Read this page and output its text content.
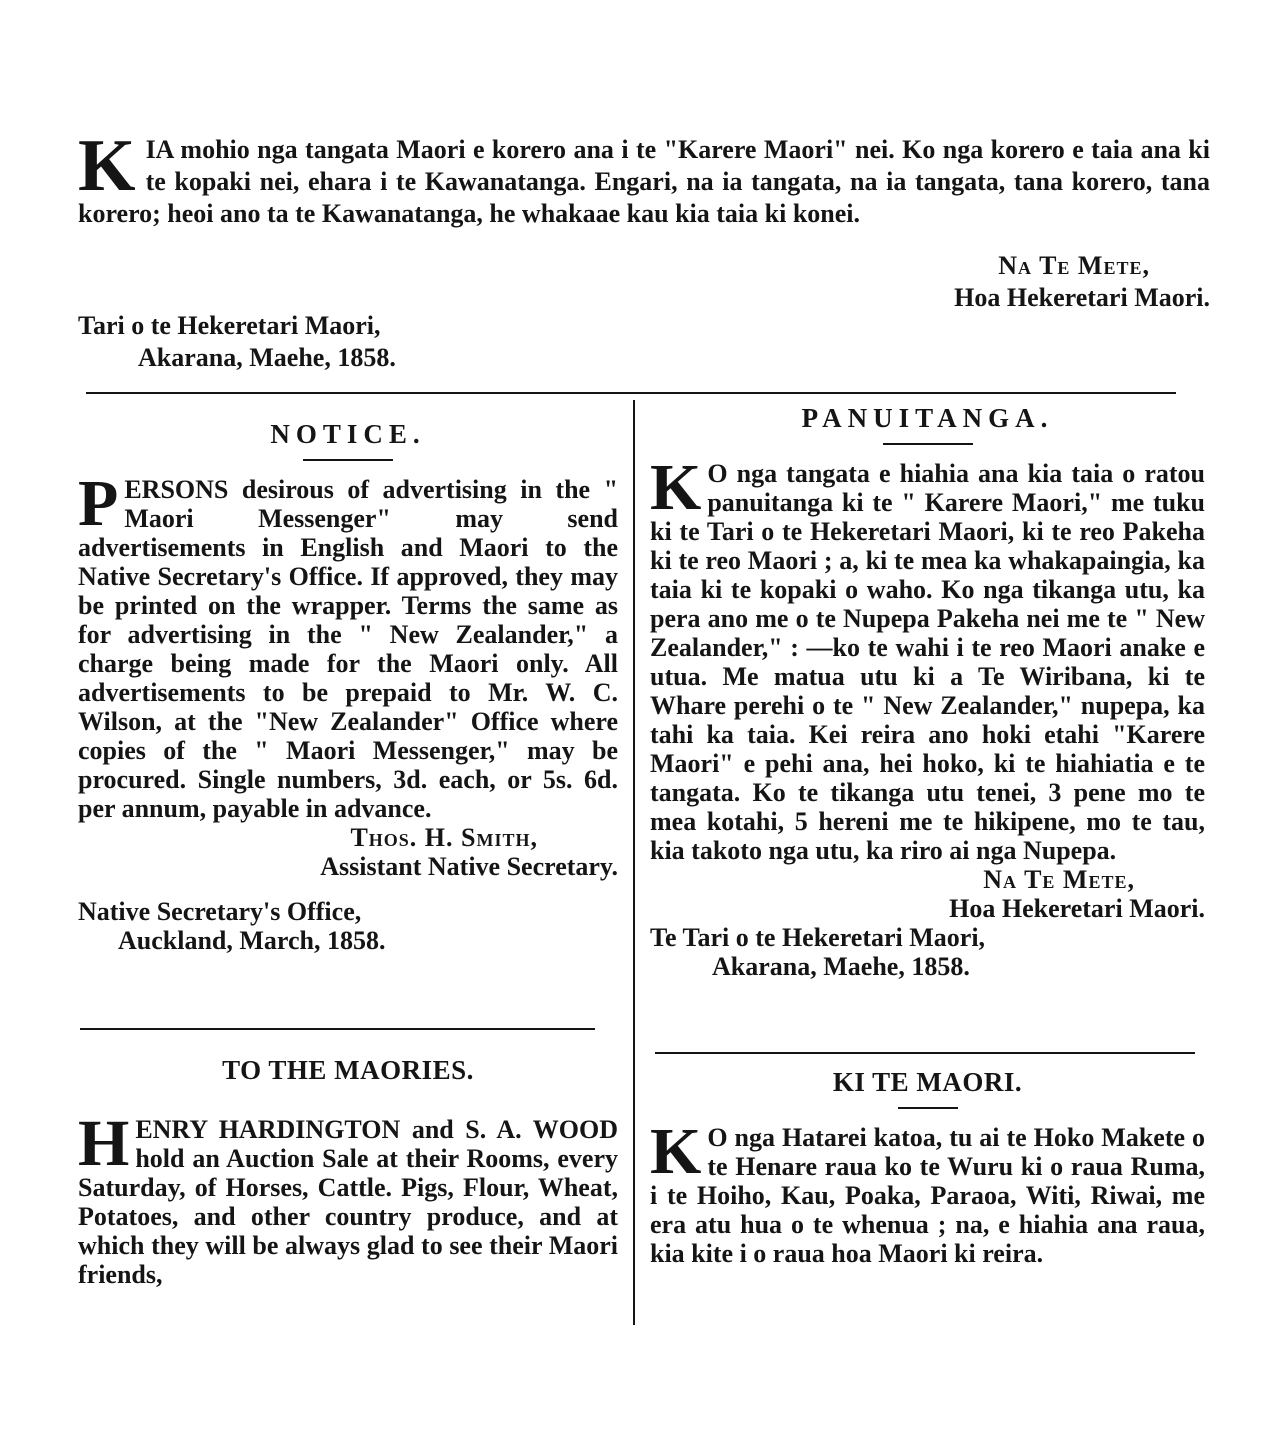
K IA mohio nga tangata Maori e korero ana i te "Karere Maori" nei. Ko nga korero e taia ana ki te kopaki nei, ehara i te Kawanatanga. Engari, na ia tangata, na ia tangata, tana korero, tana korero; heoi ano ta te Kawanatanga, he whakaae kau kia taia ki konei.
Na Te Mete,
Hoa Hekeretari Maori.
Tari o te Hekeretari Maori,
Akarana, Maehe, 1858.
NOTICE.

P ERSONS desirous of advertising in the " Maori Messenger" may send advertisements in English and Maori to the Native Secretary's Office. If approved, they may be printed on the wrapper. Terms the same as for advertising in the " New Zealander," a charge being made for the Maori only. All advertisements to be prepaid to Mr. W. C. Wilson, at the "New Zealander" Office where copies of the " Maori Messenger," may be procured. Single numbers, 3d. each, or 5s. 6d. per annum, payable in advance.

Thos. H. Smith,
Assistant Native Secretary.
Native Secretary's Office,
Auckland, March, 1858.
TO THE MAORIES.

H ENRY HARDINGTON and S. A. WOOD hold an Auction Sale at their Rooms, every Saturday, of Horses, Cattle. Pigs, Flour, Wheat, Potatoes, and other country produce, and at which they will be always glad to see their Maori friends,

PANUITANGA.

K O nga tangata e hiahia ana kia taia o ratou panuitanga ki te " Karere Maori," me tuku ki te Tari o te Hekeretari Maori, ki te reo Pakeha ki te reo Maori ; a, ki te mea ka whakapaingia, ka taia ki te kopaki o waho. Ko nga tikanga utu, ka pera ano me o te Nupepa Pakeha nei me te " New Zealander," : —ko te wahi i te reo Maori anake e utua. Me matua utu ki a Te Wiribana, ki te Whare perehi o te " New Zealander," nupepa, ka tahi ka taia. Kei reira ano hoki etahi "Karere Maori" e pehi ana, hei hoko, ki te hiahiatia e te tangata. Ko te tikanga utu tenei, 3 pene mo te mea kotahi, 5 hereni me te hikipene, mo te tau, kia takoto nga utu, ka riro ai nga Nupepa.

Na Te Mete,
Hoa Hekeretari Maori.
Te Tari o te Hekeretari Maori,
Akarana, Maehe, 1858.
KI TE MAORI.

K O nga Hatarei katoa, tu ai te Hoko Makete o te Henare raua ko te Wuru ki o raua Ruma, i te Hoiho, Kau, Poaka, Paraoa, Witi, Riwai, me era atu hua o te whenua ; na, e hiahia ana raua, kia kite i o raua hoa Maori ki reira.
